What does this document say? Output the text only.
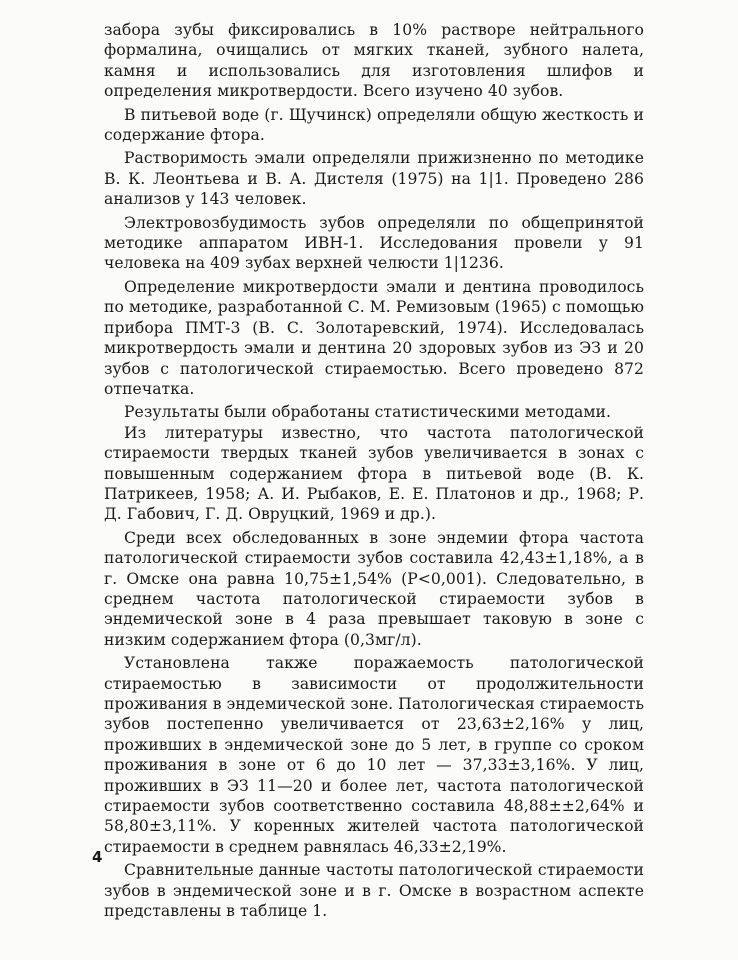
забора зубы фиксировались в 10% растворе нейтрального формалина, очищались от мягких тканей, зубного налета, камня и использовались для изготовления шлифов и определения микротвердости. Всего изучено 40 зубов.

В питьевой воде (г. Щучинск) определяли общую жесткость и содержание фтора.

Растворимость эмали определяли прижизненно по методике В. К. Леонтьева и В. А. Дистеля (1975) на 1|1. Проведено 286 анализов у 143 человек.

Электровозбудимость зубов определяли по общепринятой методике аппаратом ИВН-1. Исследования провели у 91 человека на 409 зубах верхней челюсти 1|1236.

Определение микротвердости эмали и дентина проводилось по методике, разработанной С. М. Ремизовым (1965) с помощью прибора ПМТ-3 (В. С. Золотаревский, 1974). Исследовалась микротвердость эмали и дентина 20 здоровых зубов из ЭЗ и 20 зубов с патологической стираемостью. Всего проведено 872 отпечатка.

Результаты были обработаны статистическими методами.

Из литературы известно, что частота патологической стираемости твердых тканей зубов увеличивается в зонах с повышенным содержанием фтора в питьевой воде (В. К. Патрикеев, 1958; А. И. Рыбаков, Е. Е. Платонов и др., 1968; Р. Д. Габович, Г. Д. Овруцкий, 1969 и др.).

Среди всех обследованных в зоне эндемии фтора частота патологической стираемости зубов составила 42,43±1,18%, а в г. Омске она равна 10,75±1,54% (Р<0,001). Следовательно, в среднем частота патологической стираемости зубов в эндемической зоне в 4 раза превышает таковую в зоне с низким содержанием фтора (0,3мг/л).

Установлена также поражаемость патологической стираемостью в зависимости от продолжительности проживания в эндемической зоне. Патологическая стираемость зубов постепенно увеличивается от 23,63±2,16% у лиц, проживших в эндемической зоне до 5 лет, в группе со сроком проживания в зоне от 6 до 10 лет — 37,33±3,16%. У лиц, проживших в ЭЗ 11—20 и более лет, частота патологической стираемости зубов соответственно составила 48,88±±2,64% и 58,80±3,11%. У коренных жителей частота патологической стираемости в среднем равнялась 46,33±2,19%.

Сравнительные данные частоты патологической стираемости зубов в эндемической зоне и в г. Омске в возрастном аспекте представлены в таблице 1.

4
